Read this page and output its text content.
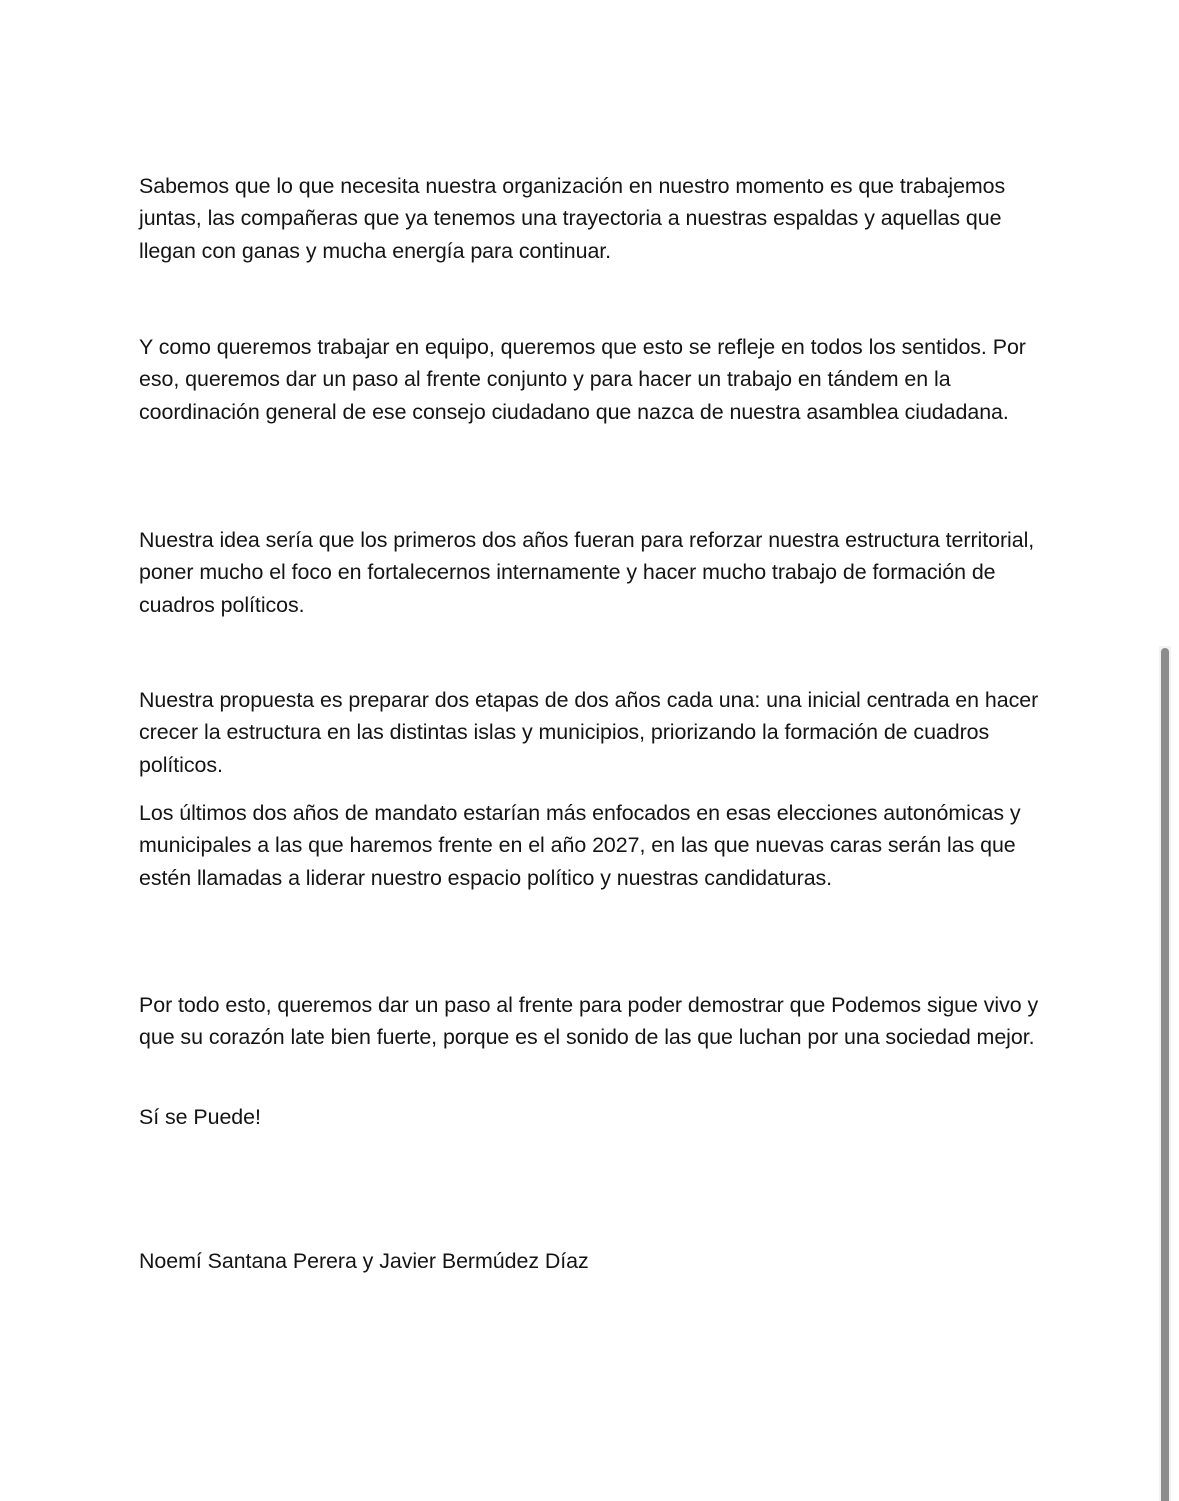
Sabemos que lo que necesita nuestra organización en nuestro momento es que trabajemos juntas, las compañeras que ya tenemos una trayectoria a nuestras espaldas y aquellas que llegan con ganas y mucha energía para continuar.

Y como queremos trabajar en equipo, queremos que esto se refleje en todos los sentidos. Por eso, queremos dar un paso al frente conjunto y para hacer un trabajo en tándem en la coordinación general de ese consejo ciudadano que nazca de nuestra asamblea ciudadana.

Nuestra idea sería que los primeros dos años fueran para reforzar nuestra estructura territorial, poner mucho el foco en fortalecernos internamente y hacer mucho trabajo de formación de cuadros políticos.

Nuestra propuesta es preparar dos etapas de dos años cada una: una inicial centrada en hacer crecer la estructura en las distintas islas y municipios, priorizando la formación de cuadros políticos.

Los últimos dos años de mandato estarían más enfocados en esas elecciones autonómicas y municipales a las que haremos frente en el año 2027, en las que nuevas caras serán las que estén llamadas a liderar nuestro espacio político y nuestras candidaturas.

Por todo esto, queremos dar un paso al frente para poder demostrar que Podemos sigue vivo y que su corazón late bien fuerte, porque es el sonido de las que luchan por una sociedad mejor.

Sí se Puede!

Noemí Santana Perera y Javier Bermúdez Díaz
